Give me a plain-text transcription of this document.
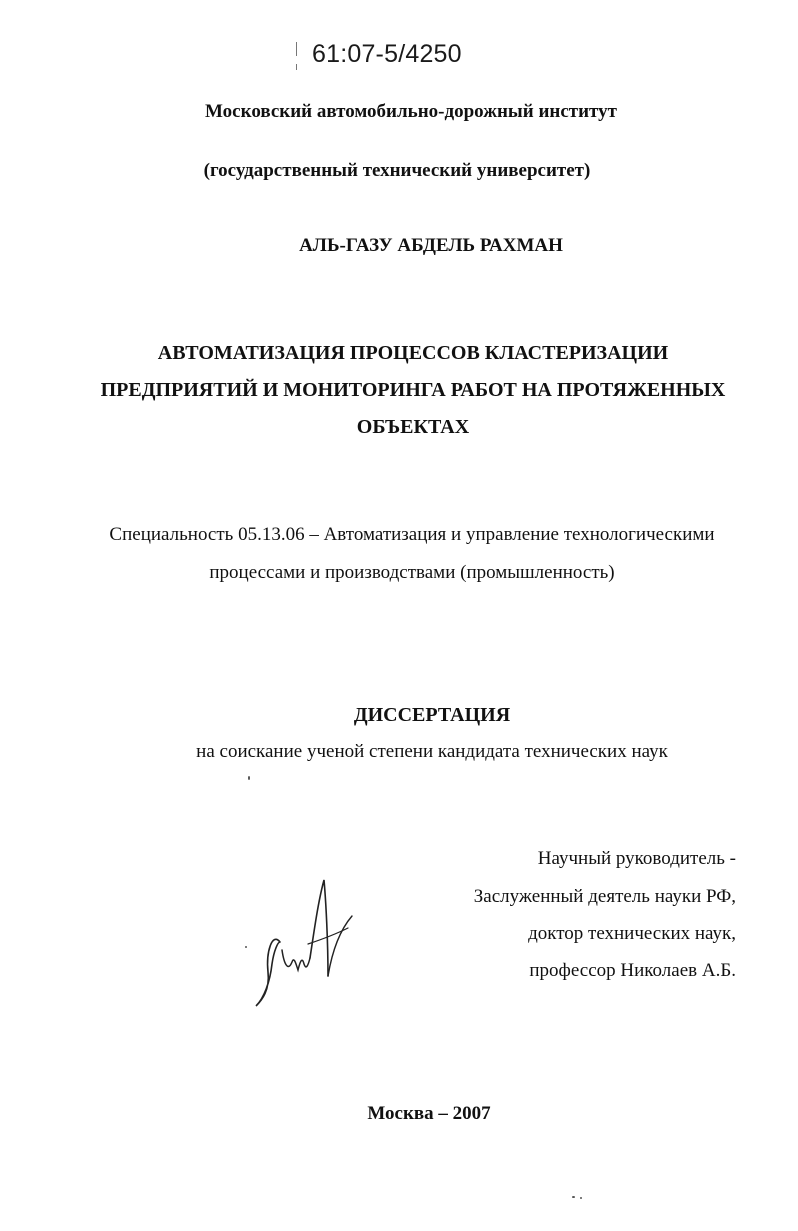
61:07-5/4250
Московский автомобильно-дорожный институт
(государственный технический университет)
АЛЬ-ГАЗУ АБДЕЛЬ РАХМАН
АВТОМАТИЗАЦИЯ ПРОЦЕССОВ КЛАСТЕРИЗАЦИИ
ПРЕДПРИЯТИЙ И МОНИТОРИНГА РАБОТ НА ПРОТЯЖЕННЫХ
ОБЪЕКТАХ
Специальность 05.13.06 – Автоматизация и управление технологическими
процессами и производствами (промышленность)
ДИССЕРТАЦИЯ
на соискание ученой степени кандидата технических наук
Научный руководитель -
Заслуженный деятель науки РФ,
доктор технических наук,
профессор Николаев А.Б.
Москва – 2007
